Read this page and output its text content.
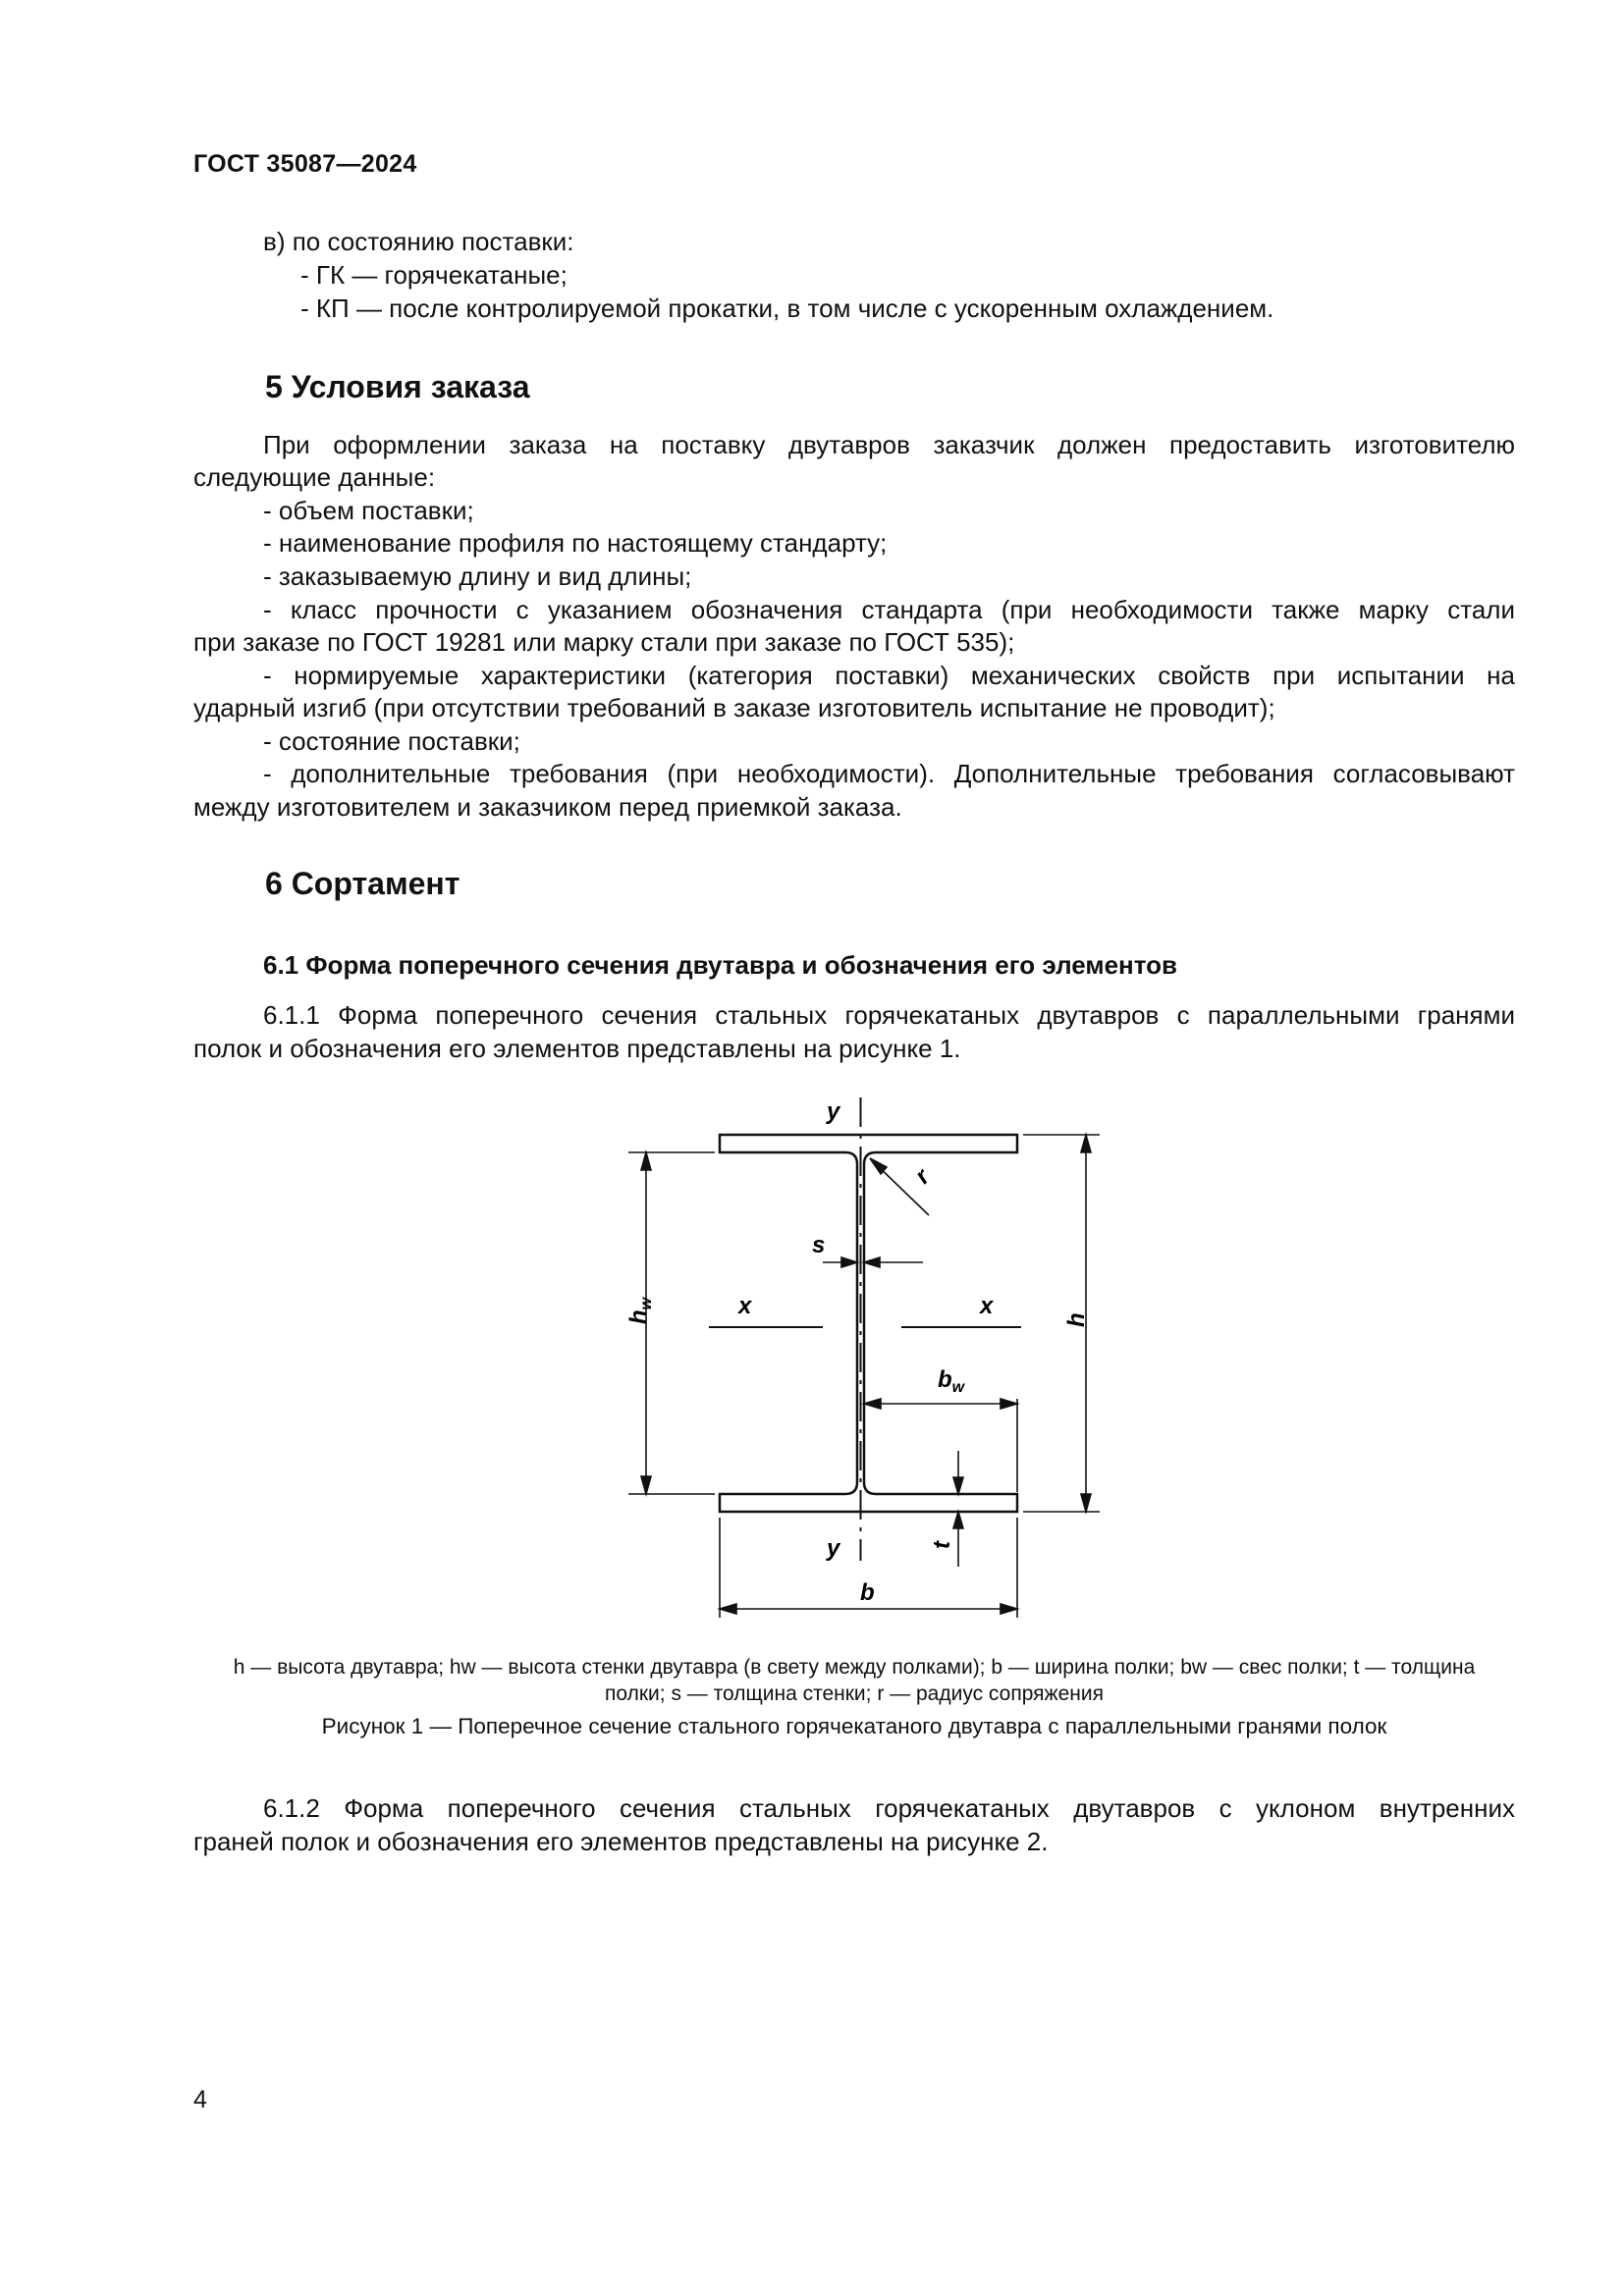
ГОСТ 35087—2024
в) по состоянию поставки:
- ГК — горячекатаные;
- КП — после контролируемой прокатки, в том числе с ускоренным охлаждением.
5 Условия заказа
При оформлении заказа на поставку двутавров заказчик должен предоставить изготовителю
следующие данные:
- объем поставки;
- наименование профиля по настоящему стандарту;
- заказываемую длину и вид длины;
- класс прочности с указанием обозначения стандарта (при необходимости также марку стали
при заказе по ГОСТ 19281 или марку стали при заказе по ГОСТ 535);
- нормируемые характеристики (категория поставки) механических свойств при испытании на
ударный изгиб (при отсутствии требований в заказе изготовитель испытание не проводит);
- состояние поставки;
- дополнительные требования (при необходимости). Дополнительные требования согласовывают
между изготовителем и заказчиком перед приемкой заказа.
6 Сортамент
6.1 Форма поперечного сечения двутавра и обозначения его элементов
6.1.1 Форма поперечного сечения стальных горячекатаных двутавров с параллельными гранями
полок и обозначения его элементов представлены на рисунке 1.
y
y
x	x
s
r
$b_w$
t
b
h
$h_w$
h — высота двутавра; hw — высота стенки двутавра (в свету между полками); b — ширина полки; bw — свес полки; t — толщина
полки; s — толщина стенки; r — радиус сопряжения
Рисунок 1 — Поперечное сечение стального горячекатаного двутавра с параллельными гранями полок
6.1.2 Форма поперечного сечения стальных горячекатаных двутавров с уклоном внутренних
граней полок и обозначения его элементов представлены на рисунке 2.
4
